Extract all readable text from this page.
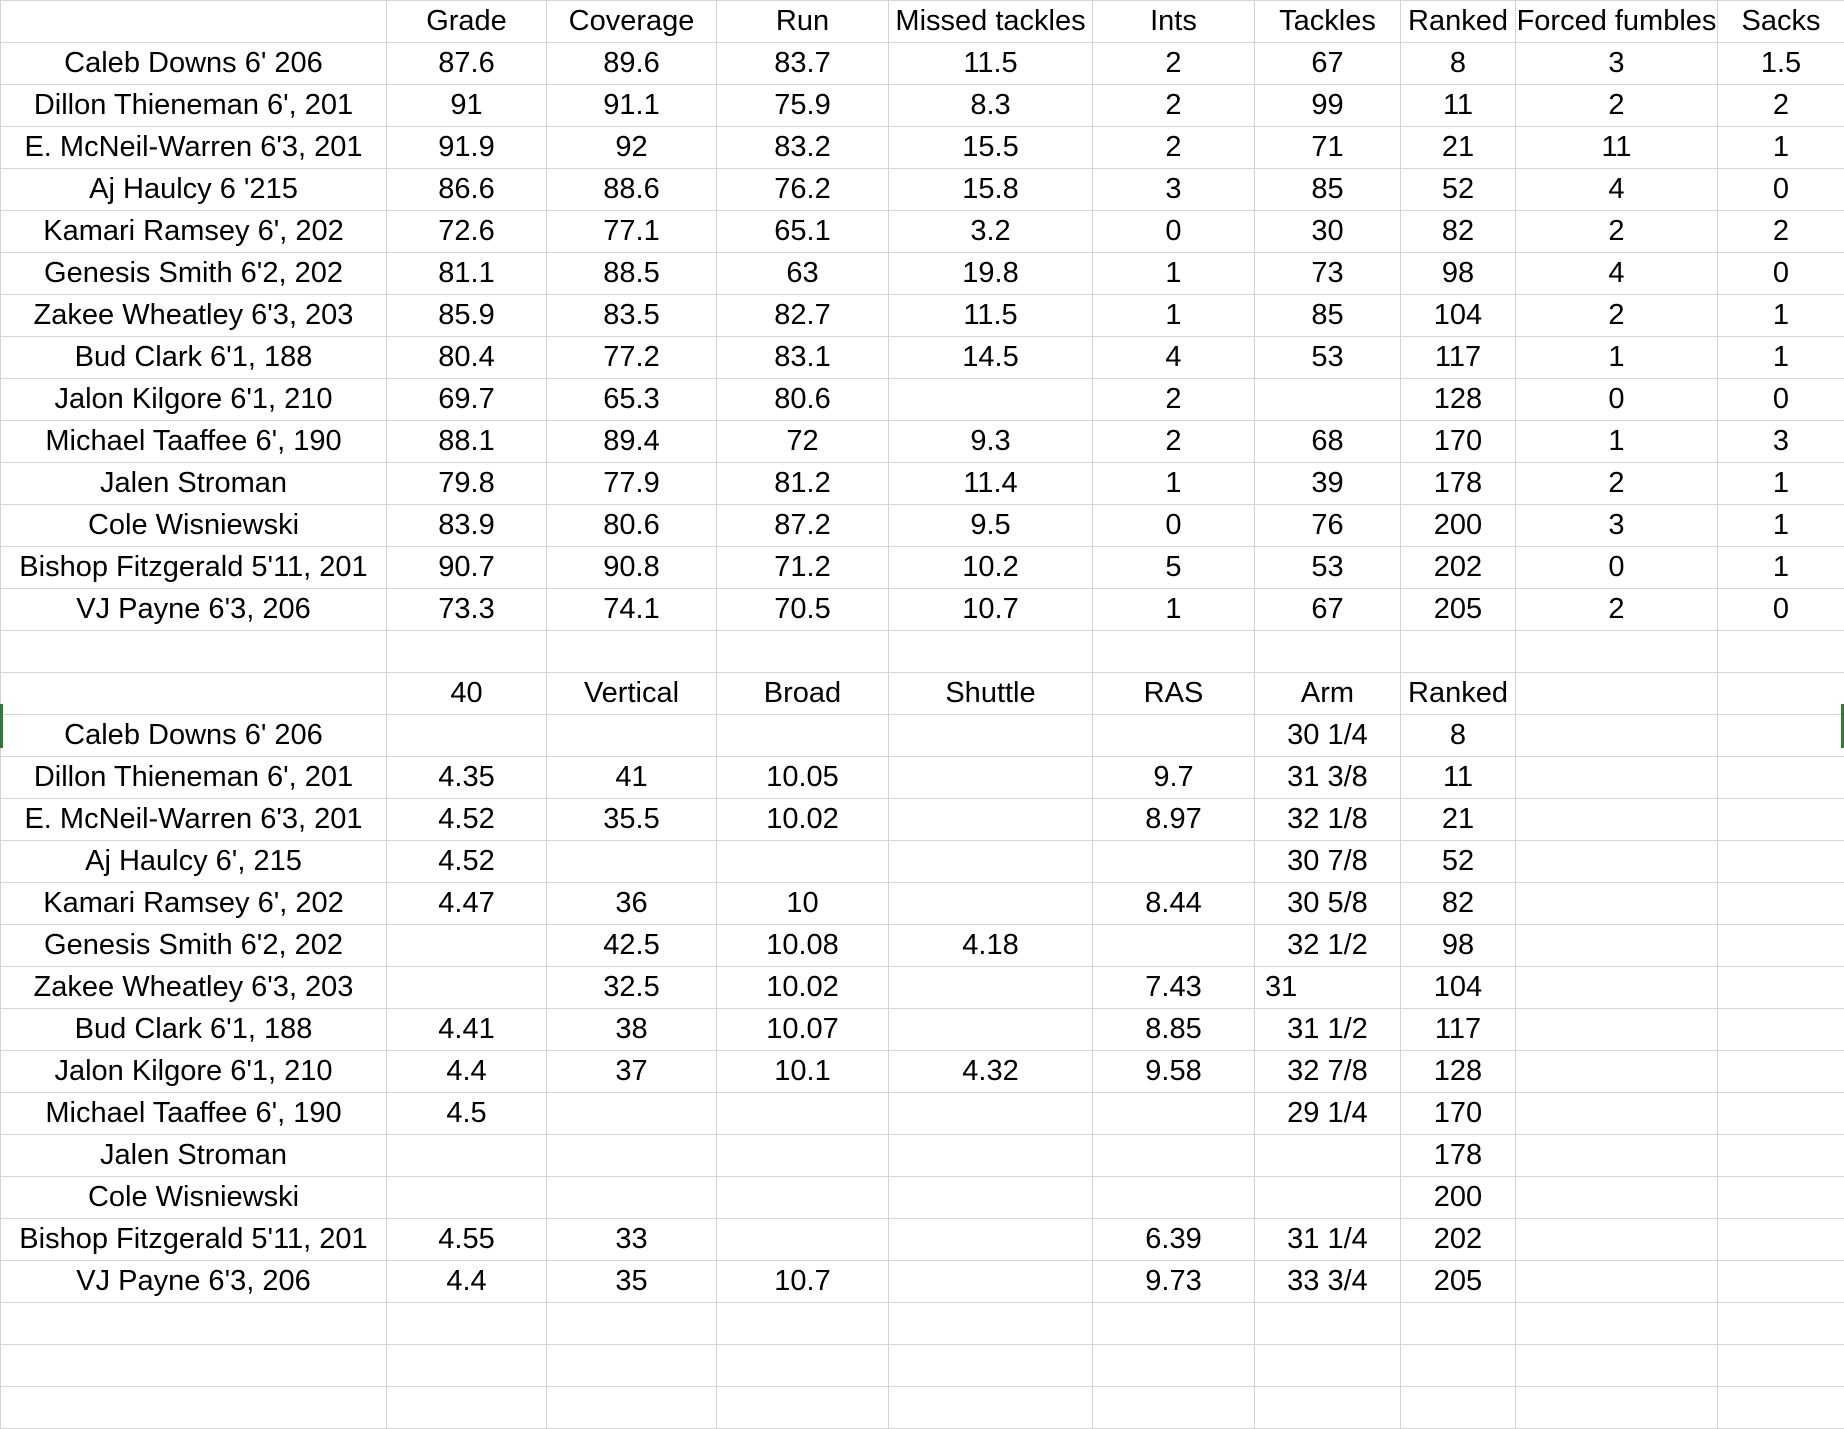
	Grade	Coverage	Run	Missed tackles	Ints	Tackles	Ranked	Forced fumbles	Sacks
Caleb Downs 6' 206	87.6	89.6	83.7	11.5	2	67	8	3	1.5
Dillon Thieneman 6', 201	91	91.1	75.9	8.3	2	99	11	2	2
E. McNeil-Warren 6'3, 201	91.9	92	83.2	15.5	2	71	21	11	1
Aj Haulcy 6 '215	86.6	88.6	76.2	15.8	3	85	52	4	0
Kamari Ramsey 6', 202	72.6	77.1	65.1	3.2	0	30	82	2	2
Genesis Smith 6'2, 202	81.1	88.5	63	19.8	1	73	98	4	0
Zakee Wheatley 6'3, 203	85.9	83.5	82.7	11.5	1	85	104	2	1
Bud Clark 6'1, 188	80.4	77.2	83.1	14.5	4	53	117	1	1
Jalon Kilgore 6'1, 210	69.7	65.3	80.6		2		128	0	0
Michael Taaffee 6', 190	88.1	89.4	72	9.3	2	68	170	1	3
Jalen Stroman	79.8	77.9	81.2	11.4	1	39	178	2	1
Cole Wisniewski	83.9	80.6	87.2	9.5	0	76	200	3	1
Bishop Fitzgerald 5'11, 201	90.7	90.8	71.2	10.2	5	53	202	0	1
VJ Payne 6'3, 206	73.3	74.1	70.5	10.7	1	67	205	2	0

	40	Vertical	Broad	Shuttle	RAS	Arm	Ranked		
Caleb Downs 6' 206						30 1/4	8		
Dillon Thieneman 6', 201	4.35	41	10.05		9.7	31 3/8	11		
E. McNeil-Warren 6'3, 201	4.52	35.5	10.02		8.97	32 1/8	21		
Aj Haulcy 6', 215	4.52					30 7/8	52		
Kamari Ramsey 6', 202	4.47	36	10		8.44	30 5/8	82		
Genesis Smith 6'2, 202		42.5	10.08	4.18		32 1/2	98		
Zakee Wheatley 6'3, 203		32.5	10.02		7.43	31	104		
Bud Clark 6'1, 188	4.41	38	10.07		8.85	31 1/2	117		
Jalon Kilgore 6'1, 210	4.4	37	10.1	4.32	9.58	32 7/8	128		
Michael Taaffee 6', 190	4.5					29 1/4	170		
Jalen Stroman							178		
Cole Wisniewski							200		
Bishop Fitzgerald 5'11, 201	4.55	33			6.39	31 1/4	202		
VJ Payne 6'3, 206	4.4	35	10.7		9.73	33 3/4	205		
